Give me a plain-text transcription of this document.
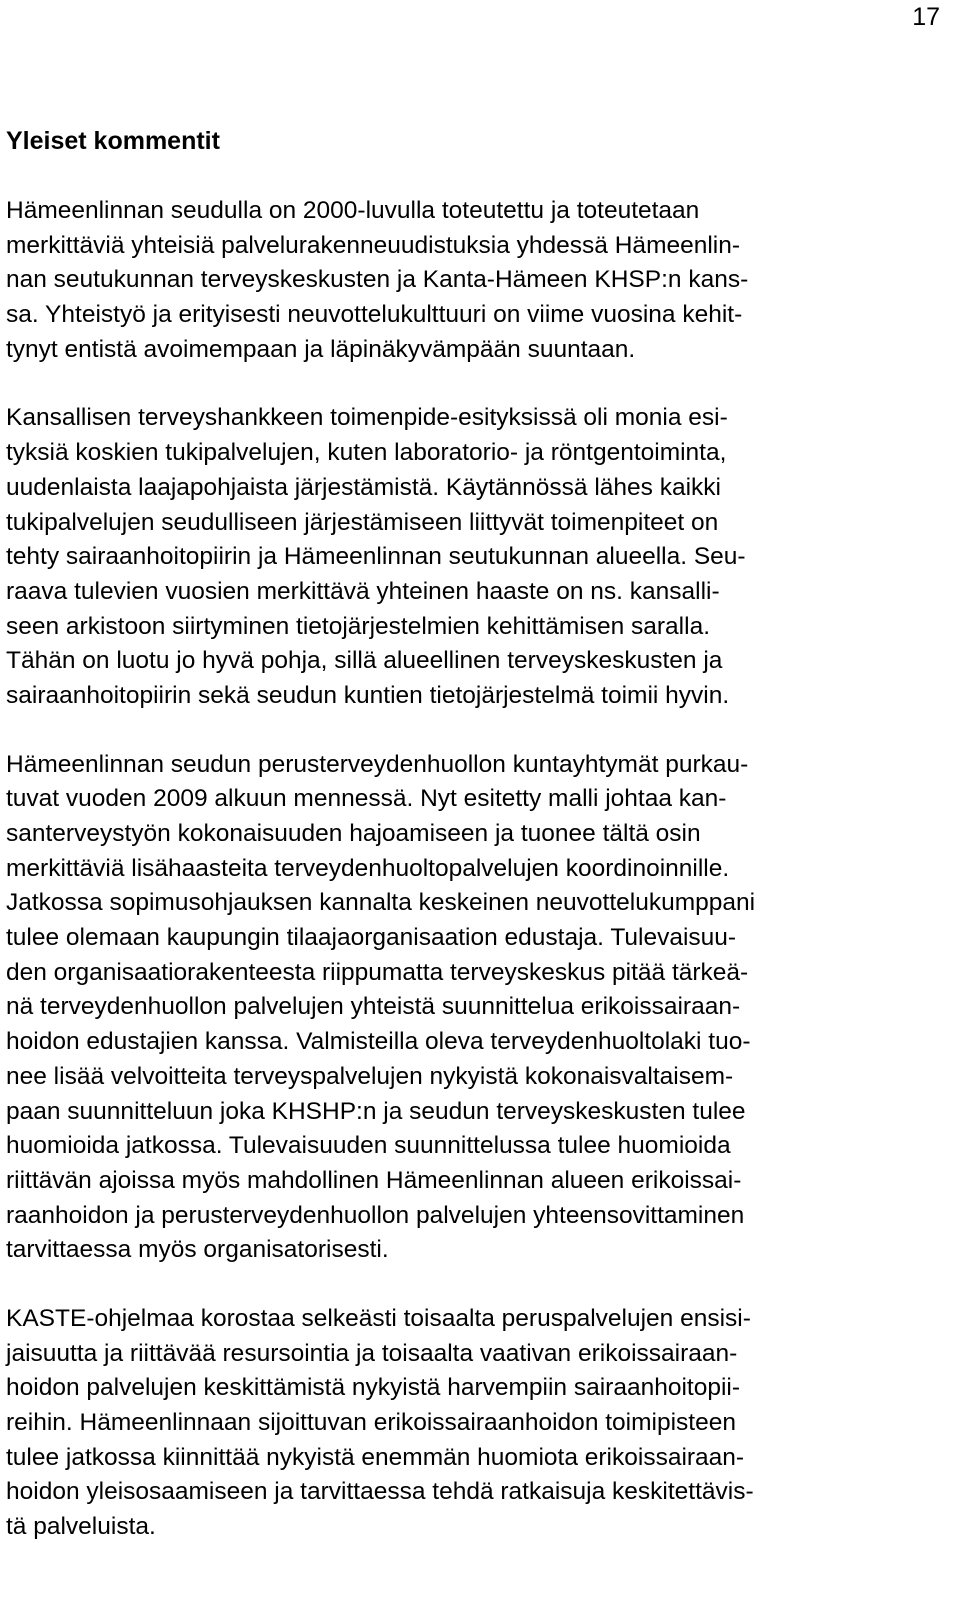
17
Yleiset kommentit
Hämeenlinnan seudulla on 2000-luvulla toteutettu ja toteutetaan
merkittäviä yhteisiä palvelurakenneuudistuksia yhdessä Hämeenlin-
nan seutukunnan terveyskeskusten ja Kanta-Hämeen KHSP:n kans-
sa. Yhteistyö ja erityisesti neuvottelukulttuuri on viime vuosina kehit-
tynyt entistä avoimempaan ja läpinäkyvämpään suuntaan.
Kansallisen terveyshankkeen toimenpide-esityksissä oli monia esi-
tyksiä koskien tukipalvelujen, kuten laboratorio- ja röntgentoiminta,
uudenlaista laajapohjaista järjestämistä. Käytännössä lähes kaikki
tukipalvelujen seudulliseen järjestämiseen liittyvät toimenpiteet on
tehty sairaanhoitopiirin ja Hämeenlinnan seutukunnan alueella. Seu-
raava tulevien vuosien merkittävä yhteinen haaste on ns. kansalli-
seen arkistoon siirtyminen tietojärjestelmien kehittämisen saralla.
Tähän on luotu jo hyvä pohja, sillä alueellinen terveyskeskusten ja
sairaanhoitopiirin sekä seudun kuntien tietojärjestelmä toimii hyvin.
Hämeenlinnan seudun perusterveydenhuollon kuntayhtymät purkau-
tuvat vuoden 2009 alkuun mennessä. Nyt esitetty malli johtaa kan-
santerveystyön kokonaisuuden hajoamiseen ja tuonee tältä osin
merkittäviä lisähaasteita terveydenhuoltopalvelujen koordinoinnille.
Jatkossa sopimusohjauksen kannalta keskeinen neuvottelukumppani
tulee olemaan kaupungin tilaajaorganisaation edustaja. Tulevaisuu-
den organisaatiorakenteesta riippumatta terveyskeskus pitää tärkeä-
nä terveydenhuollon palvelujen yhteistä suunnittelua erikoissairaan-
hoidon edustajien kanssa. Valmisteilla oleva terveydenhuoltolaki tuo-
nee lisää velvoitteita terveyspalvelujen nykyistä kokonaisvaltaisem-
paan suunnitteluun joka KHSHP:n ja seudun terveyskeskusten tulee
huomioida jatkossa. Tulevaisuuden suunnittelussa tulee huomioida
riittävän ajoissa myös mahdollinen Hämeenlinnan alueen erikoissai-
raanhoidon ja perusterveydenhuollon palvelujen yhteensovittaminen
tarvittaessa myös organisatorisesti.
KASTE-ohjelmaa korostaa selkeästi toisaalta peruspalvelujen ensisi-
jaisuutta ja riittävää resursointia ja toisaalta vaativan erikoissairaan-
hoidon palvelujen keskittämistä nykyistä harvempiin sairaanhoitopii-
reihin. Hämeenlinnaan sijoittuvan erikoissairaanhoidon toimipisteen
tulee jatkossa kiinnittää nykyistä enemmän huomiota erikoissairaan-
hoidon yleisosaamiseen ja tarvittaessa tehdä ratkaisuja keskitettävis-
tä palveluista.
